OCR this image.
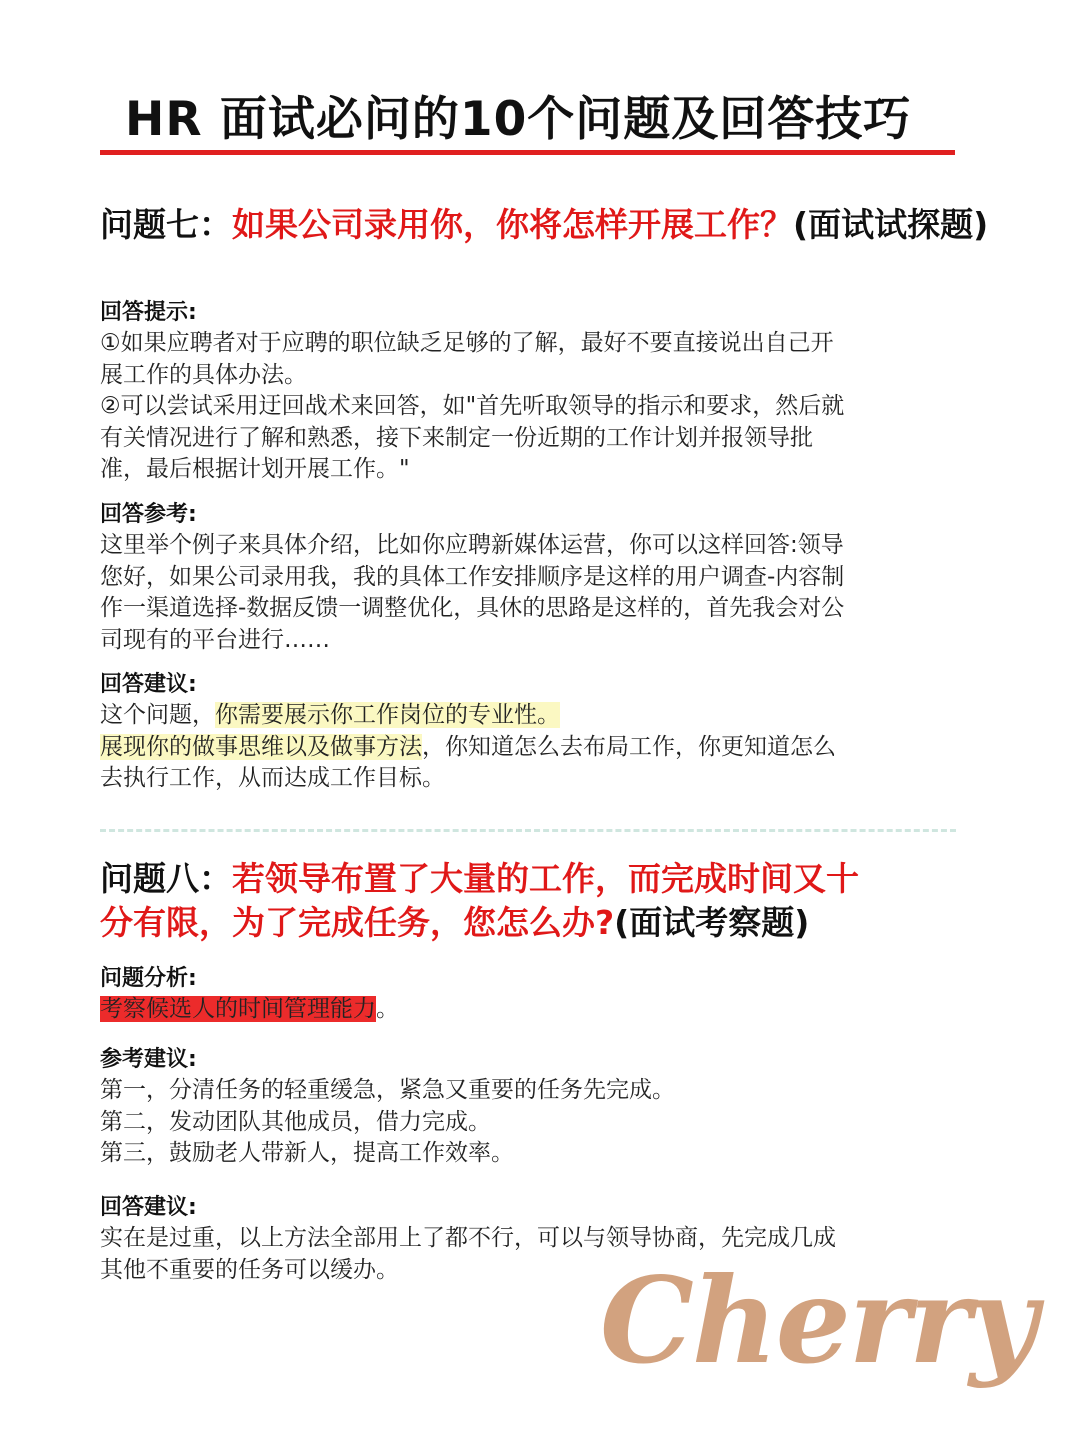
HR 面试必问的10个问题及回答技巧
问题七：如果公司录用你，你将怎样开展工作？(面试试探题)

回答提示:

①如果应聘者对于应聘的职位缺乏足够的了解，最好不要直接说出自己开

展工作的具体办法。

②可以尝试采用迂回战术来回答，如"首先听取领导的指示和要求，然后就

有关情况进行了解和熟悉，接下来制定一份近期的工作计划并报领导批

准，最后根据计划开展工作。"

回答参考:

这里举个例子来具体介绍，比如你应聘新媒体运营，你可以这样回答:领导

您好，如果公司录用我，我的具体工作安排顺序是这样的用户调查-内容制

作一渠道选择-数据反馈一调整优化，具休的思路是这样的，首先我会对公

司现有的平台进行……

回答建议:

这个问题，你需要展示你工作岗位的专业性。

展现你的做事思维以及做事方法，你知道怎么去布局工作，你更知道怎么

去执行工作，从而达成工作目标。

问题八：若领导布置了大量的工作，而完成时间又十
分有限，为了完成任务，您怎么办?(面试考察题)

问题分析:

考察候选人的时间管理能力。

参考建议:

第一，分清任务的轻重缓急，紧急又重要的任务先完成。

第二，发动团队其他成员，借力完成。

第三，鼓励老人带新人，提高工作效率。

回答建议:

实在是过重，以上方法全部用上了都不行，可以与领导协商，先完成几成

其他不重要的任务可以缓办。	Cherry
